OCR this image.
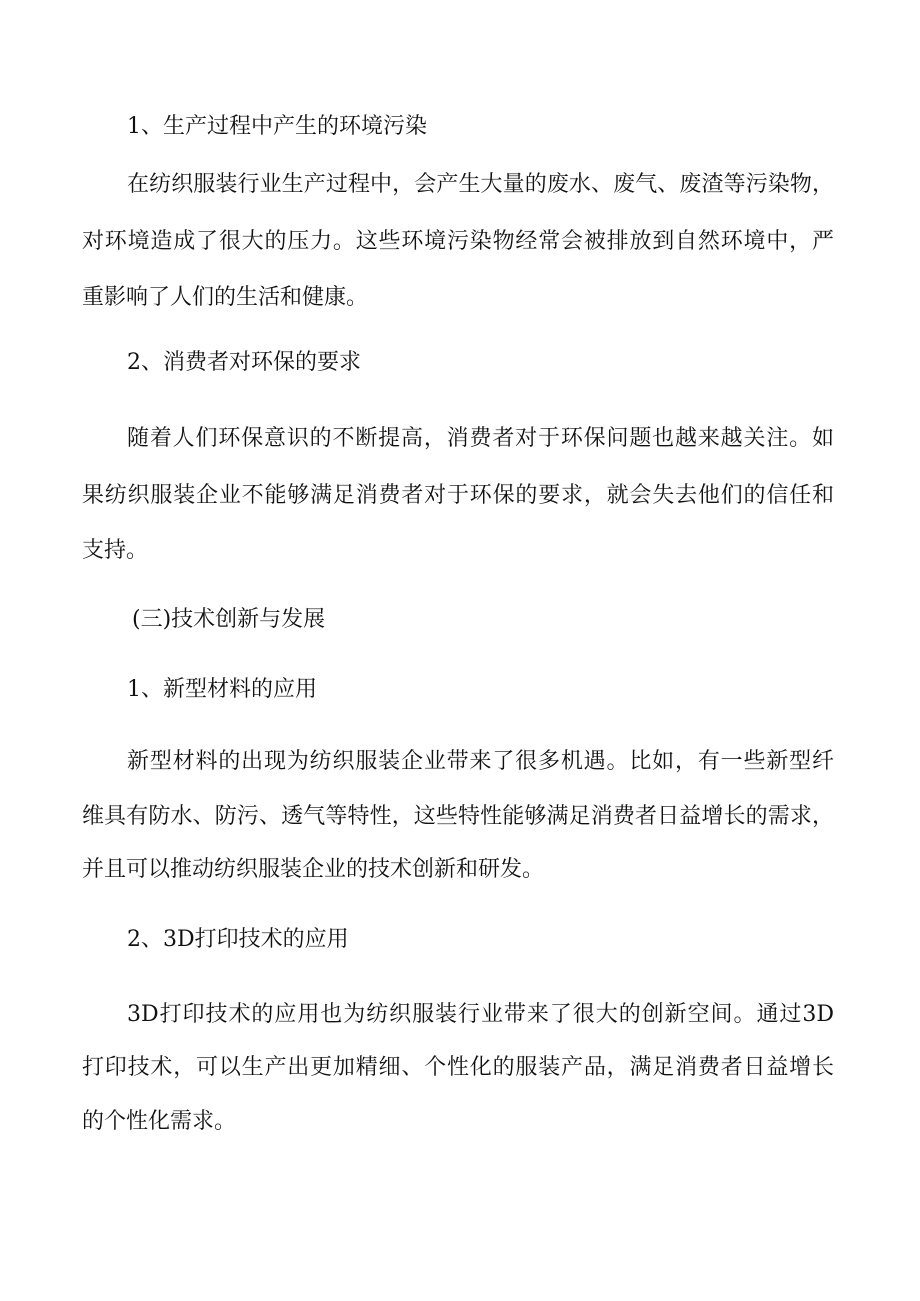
1、生产过程中产生的环境污染
在纺织服装行业生产过程中，会产生大量的废水、废气、废渣等污染物，
对环境造成了很大的压力。这些环境污染物经常会被排放到自然环境中，严
重影响了人们的生活和健康。
2、消费者对环保的要求
随着人们环保意识的不断提高，消费者对于环保问题也越来越关注。如
果纺织服装企业不能够满足消费者对于环保的要求，就会失去他们的信任和
支持。
(三)技术创新与发展
1、新型材料的应用
新型材料的出现为纺织服装企业带来了很多机遇。比如，有一些新型纤
维具有防水、防污、透气等特性，这些特性能够满足消费者日益增长的需求，
并且可以推动纺织服装企业的技术创新和研发。
2、3D打印技术的应用
3D打印技术的应用也为纺织服装行业带来了很大的创新空间。通过3D
打印技术，可以生产出更加精细、个性化的服装产品，满足消费者日益增长
的个性化需求。
